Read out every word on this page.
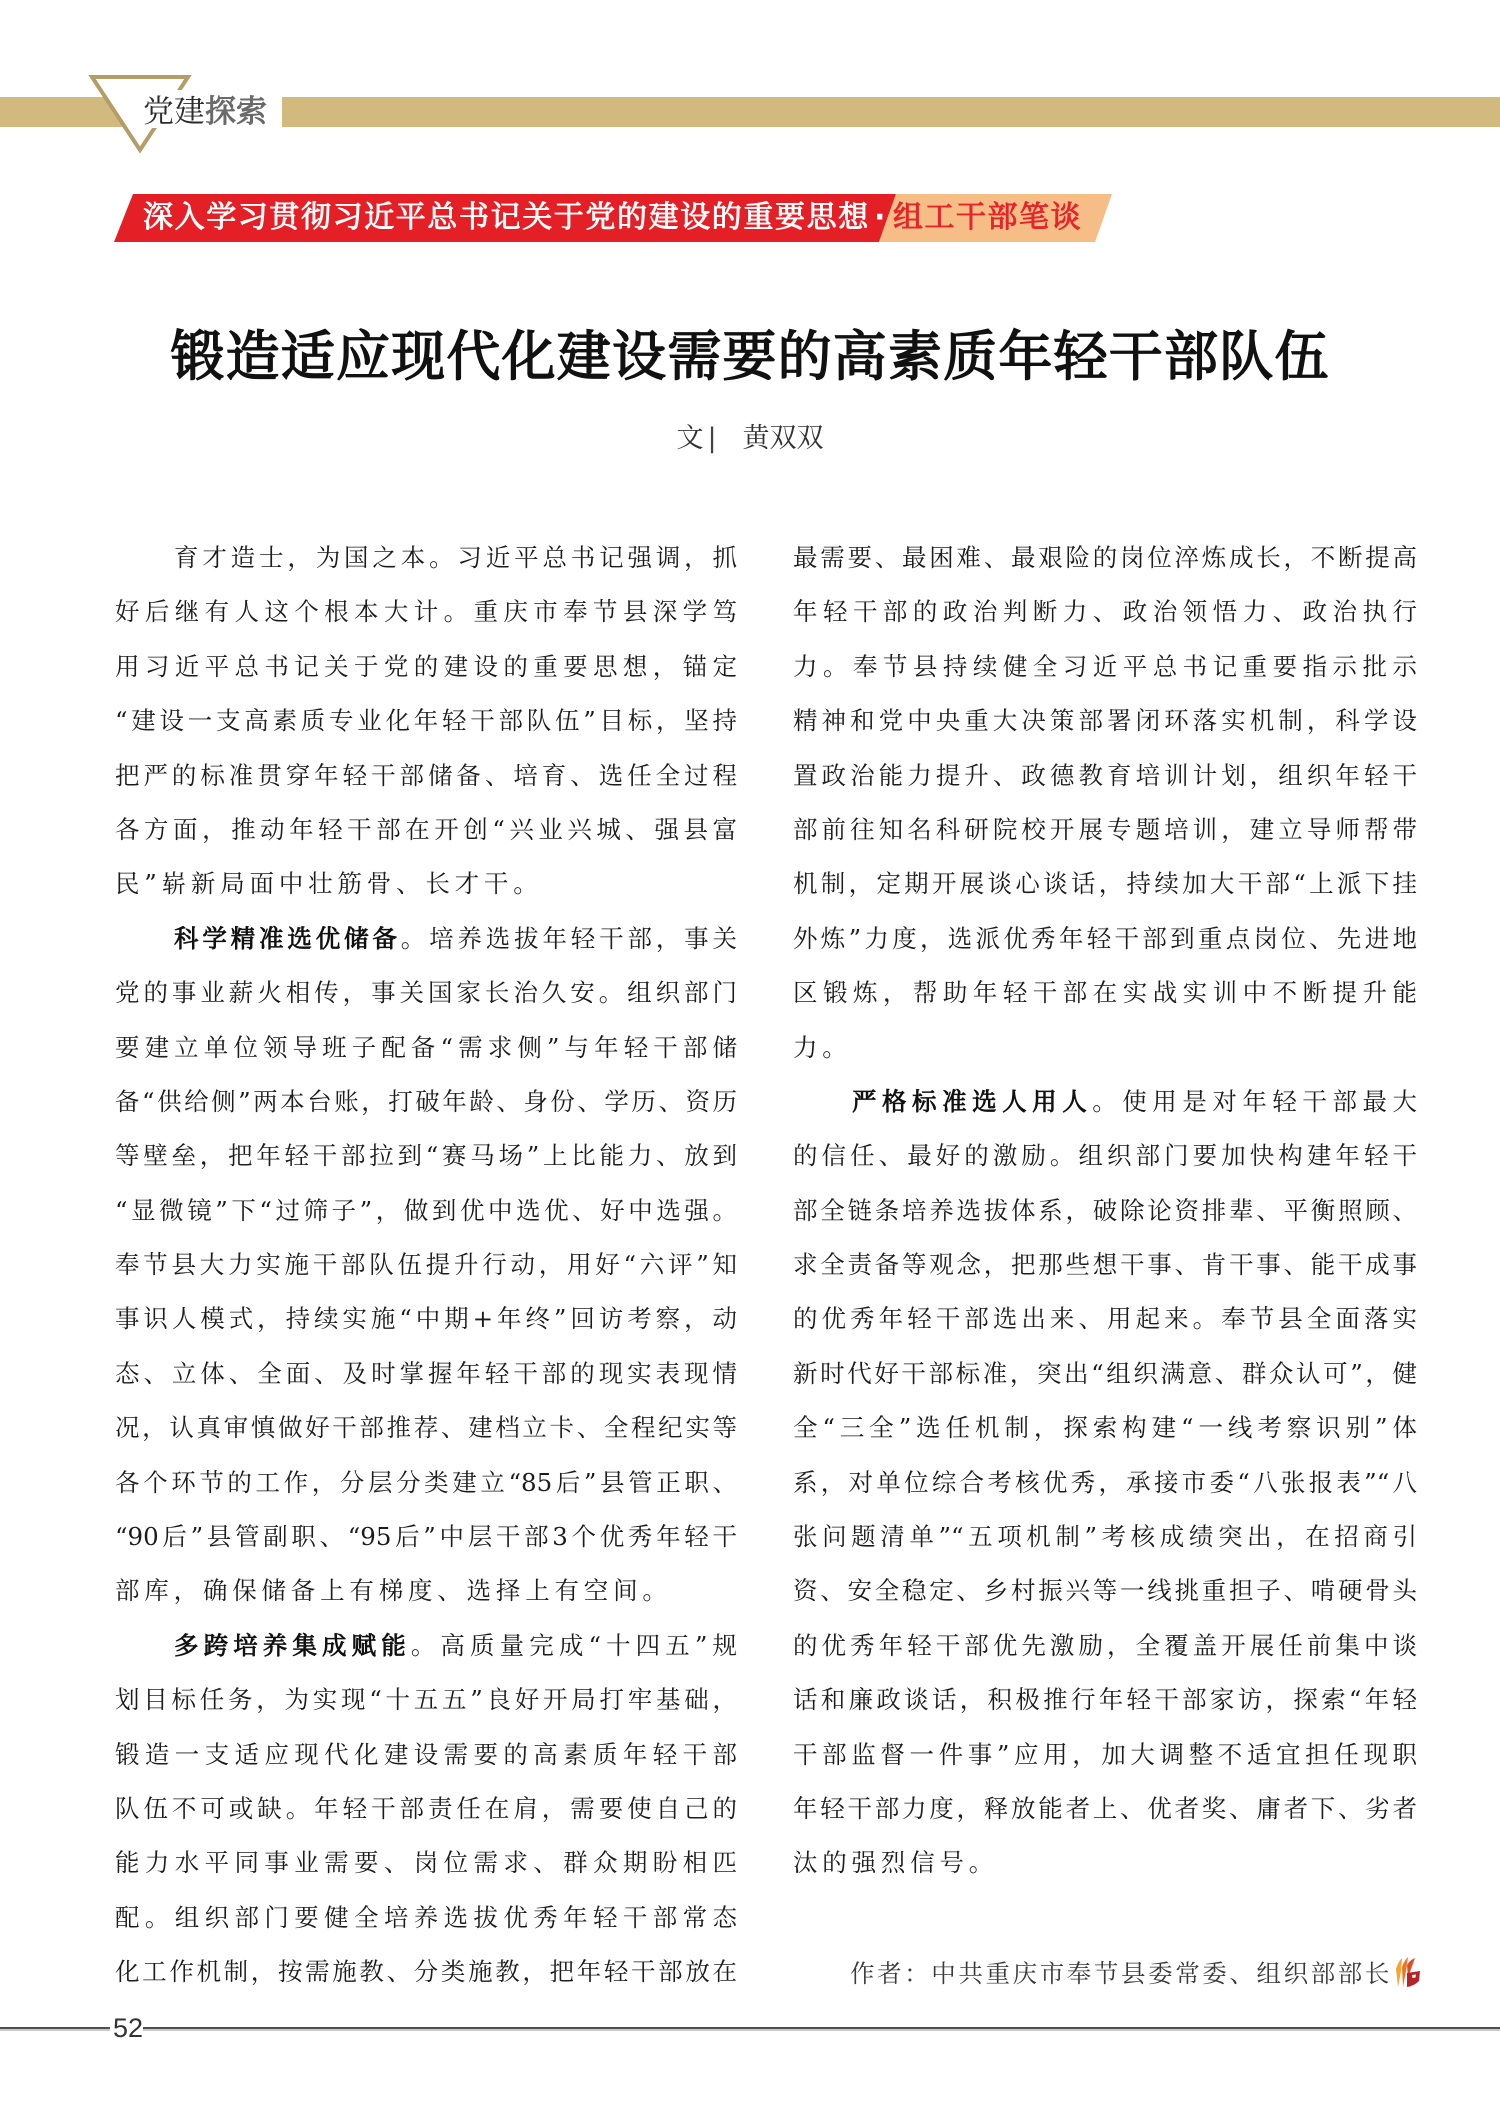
党建探索
深入学习贯彻习近平总书记关于党的建设的重要思想 · 组工干部笔谈
锻造适应现代化建设需要的高素质年轻干部队伍
文 | 黄双双
育才造士，为国之本。习近平总书记强调，抓
好后继有人这个根本大计。重庆市奉节县深学笃
用习近平总书记关于党的建设的重要思想，锚定
“建设一支高素质专业化年轻干部队伍”目标，坚持
把严的标准贯穿年轻干部储备、培育、选任全过程
各方面，推动年轻干部在开创“兴业兴城、强县富
民”崭新局面中壮筋骨、长才干。
科学精准选优储备。培养选拔年轻干部，事关
党的事业薪火相传，事关国家长治久安。组织部门
要建立单位领导班子配备“需求侧”与年轻干部储
备“供给侧”两本台账，打破年龄、身份、学历、资历
等壁垒，把年轻干部拉到“赛马场”上比能力、放到
“显微镜”下“过筛子”，做到优中选优、好中选强。
奉节县大力实施干部队伍提升行动，用好“六评”知
事识人模式，持续实施“中期+年终”回访考察，动
态、立体、全面、及时掌握年轻干部的现实表现情
况，认真审慎做好干部推荐、建档立卡、全程纪实等
各个环节的工作，分层分类建立“85后”县管正职、
“90后”县管副职、“95后”中层干部3个优秀年轻干
部库，确保储备上有梯度、选择上有空间。
多跨培养集成赋能。高质量完成“十四五”规
划目标任务，为实现“十五五”良好开局打牢基础，
锻造一支适应现代化建设需要的高素质年轻干部
队伍不可或缺。年轻干部责任在肩，需要使自己的
能力水平同事业需要、岗位需求、群众期盼相匹
配。组织部门要健全培养选拔优秀年轻干部常态
化工作机制，按需施教、分类施教，把年轻干部放在
最需要、最困难、最艰险的岗位淬炼成长，不断提高
年轻干部的政治判断力、政治领悟力、政治执行
力。奉节县持续健全习近平总书记重要指示批示
精神和党中央重大决策部署闭环落实机制，科学设
置政治能力提升、政德教育培训计划，组织年轻干
部前往知名科研院校开展专题培训，建立导师帮带
机制，定期开展谈心谈话，持续加大干部“上派下挂
外炼”力度，选派优秀年轻干部到重点岗位、先进地
区锻炼，帮助年轻干部在实战实训中不断提升能
力。
严格标准选人用人。使用是对年轻干部最大
的信任、最好的激励。组织部门要加快构建年轻干
部全链条培养选拔体系，破除论资排辈、平衡照顾、
求全责备等观念，把那些想干事、肯干事、能干成事
的优秀年轻干部选出来、用起来。奉节县全面落实
新时代好干部标准，突出“组织满意、群众认可”，健
全“三全”选任机制，探索构建“一线考察识别”体
系，对单位综合考核优秀，承接市委“八张报表”“八
张问题清单”“五项机制”考核成绩突出，在招商引
资、安全稳定、乡村振兴等一线挑重担子、啃硬骨头
的优秀年轻干部优先激励，全覆盖开展任前集中谈
话和廉政谈话，积极推行年轻干部家访，探索“年轻
干部监督一件事”应用，加大调整不适宜担任现职
年轻干部力度，释放能者上、优者奖、庸者下、劣者
汰的强烈信号。
作者：中共重庆市奉节县委常委、组织部部长
52
